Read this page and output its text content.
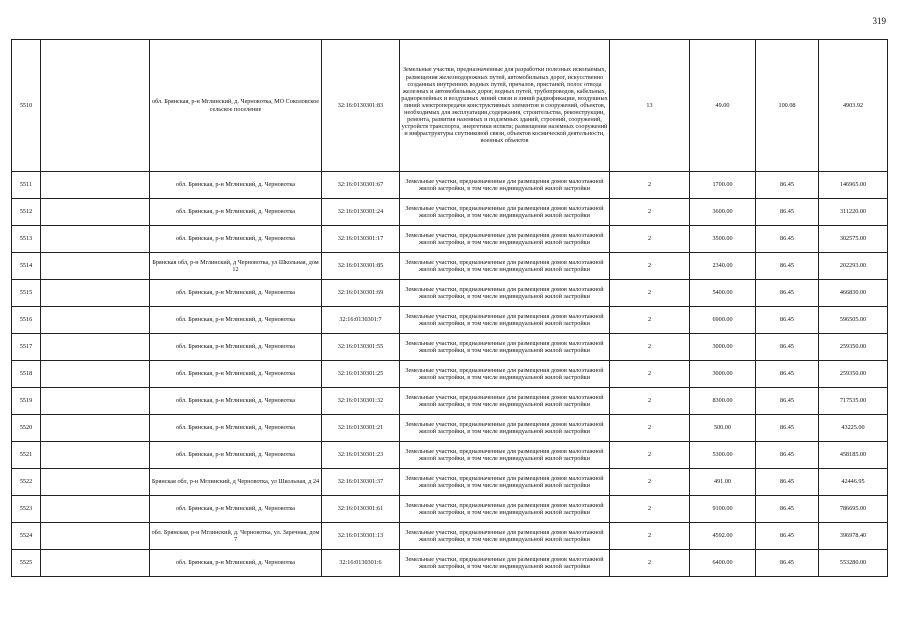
319
5510		обл. Брянская, р-н Мглинский, д. Черновотка, МО Соколовское сельское поселение	32:16:0130301:83	Земельные участки, предназначенные для разработки полезных ископаемых, размещения железнодорожных путей, автомобильных дорог, искусственно созданных внутренних водных путей, причалов, пристаней, полос отвода железных и автомобильных дорог, водных путей, трубопроводов, кабельных, радиорелейных и воздушных линий связи и линий радиофикации, воздушных линий электропередачи конструктивных элементов и сооружений, объектов, необходимых для эксплуатации,содержания, строительства, реконструкции, ремонта, развития наземных и подземных зданий, строений, сооружений, устройств транспорта, энергетики испкти; размещения наземных сооружений и инфраструктуры спутниковой связи, объектов космической деятельности, военных объектов	13	49.00	100.08	4903.92
5511		обл. Брянская, р-н Мглинский, д. Черновотка	32:16:0130301:67	Земельные участки, предназначенные для размещения домов малоэтажной жилой застройки, в том числе индивидуальной жилой застройки	2	1700.00	86.45	146965.00
5512		обл. Брянская, р-н Мглинский, д. Черновотка	32:16:0130301:24	Земельные участки, предназначенные для размещения домов малоэтажной жилой застройки, в том числе индивидуальной жилой застройки	2	3600.00	86.45	311220.00
5513		обл. Брянская, р-н Мглинский, д. Черновотка	32:16:0130301:17	Земельные участки, предназначенные для размещения домов малоэтажной жилой застройки, в том числе индивидуальной жилой застройки	2	3500.00	86.45	302575.00
5514		Брянская обл, р-н Мглинский, д Черновотка, ул Школьная, дом 12	32:16:0130301:85	Земельные участки, предназначенные для размещения домов малоэтажной жилой застройки, в том числе индивидуальной жилой застройки	2	2340.00	86.45	202293.00
5515		обл. Брянская, р-н Мглинский, д. Черновотка	32:16:0130301:69	Земельные участки, предназначенные для размещения домов малоэтажной жилой застройки, в том числе индивидуальной жилой застройки	2	5400.00	86.45	466830.00
5516		обл. Брянская, р-н Мглинский, д. Черновотка	32:16:0130301:7	Земельные участки, предназначенные для размещения домов малоэтажной жилой застройки, в том числе индивидуальной жилой застройки	2	6900.00	86.45	596505.00
5517		обл. Брянская, р-н Мглинский, д. Черновотка	32:16:0130301:55	Земельные участки, предназначенные для размещения домов малоэтажной жилой застройки, в том числе индивидуальной жилой застройки	2	3000.00	86.45	259350.00
5518		обл. Брянская, р-н Мглинский, д. Черновотка	32:16:0130301:25	Земельные участки, предназначенные для размещения домов малоэтажной жилой застройки, в том числе индивидуальной жилой застройки	2	3000.00	86.45	259350.00
5519		обл. Брянская, р-н Мглинский, д. Черновотка	32:16:0130301:32	Земельные участки, предназначенные для размещения домов малоэтажной жилой застройки, в том числе индивидуальной жилой застройки	2	8300.00	86.45	717535.00
5520		обл. Брянская, р-н Мглинский, д. Черновотка	32:16:0130301:21	Земельные участки, предназначенные для размещения домов малоэтажной жилой застройки, в том числе индивидуальной жилой застройки	2	500.00	86.45	43225.00
5521		обл. Брянская, р-н Мглинский, д. Черновотка	32:16:0130301:23	Земельные участки, предназначенные для размещения домов малоэтажной жилой застройки, в том числе индивидуальной жилой застройки	2	5300.00	86.45	458185.00
5522		Брянская обл, р-н Мглинский, д Черновотка, ул Школьная, д 24	32:16:0130301:37	Земельные участки, предназначенные для размещения домов малоэтажной жилой застройки, в том числе индивидуальной жилой застройки	2	491.00	86.45	42446.95
5523		обл. Брянская, р-н Мглинский, д. Черновотка	32:16:0130301:61	Земельные участки, предназначенные для размещения домов малоэтажной жилой застройки, в том числе индивидуальной жилой застройки	2	9100.00	86.45	786695.00
5524		обл. Брянская, р-н Мглинский, д. Черновотка, ул. Заречная, дом 7	32:16:0130301:13	Земельные участки, предназначенные для размещения домов малоэтажной жилой застройки, в том числе индивидуальной жилой застройки	2	4592.00	86.45	396978.40
5525		обл. Брянская, р-н Мглинский, д. Черновотка	32:16:0130301:6	Земельные участки, предназначенные для размещения домов малоэтажной жилой застройки, в том числе индивидуальной жилой застройки	2	6400.00	86.45	553280.00
